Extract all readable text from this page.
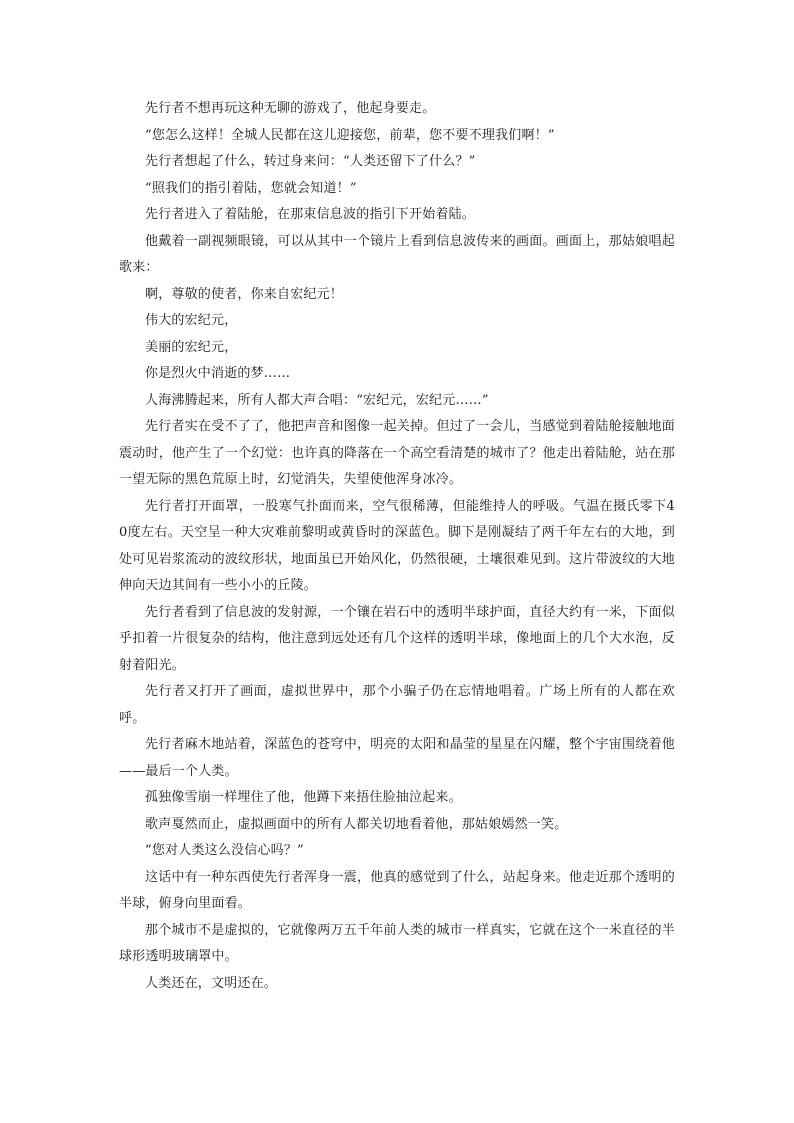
先行者不想再玩这种无聊的游戏了，他起身要走。

“您怎么这样！全城人民都在这儿迎接您，前辈，您不要不理我们啊！”

先行者想起了什么，转过身来问：“人类还留下了什么？”

“照我们的指引着陆，您就会知道！”

先行者进入了着陆舱，在那束信息波的指引下开始着陆。

他戴着一副视频眼镜，可以从其中一个镜片上看到信息波传来的画面。画面上，那姑娘唱起歌来：

啊，尊敬的使者，你来自宏纪元！

伟大的宏纪元，

美丽的宏纪元，

你是烈火中消逝的梦……

人海沸腾起来，所有人都大声合唱：“宏纪元，宏纪元……”

先行者实在受不了了，他把声音和图像一起关掉。但过了一会儿，当感觉到着陆舱接触地面震动时，他产生了一个幻觉：也许真的降落在一个高空看清楚的城市了？他走出着陆舱，站在那一望无际的黑色荒原上时，幻觉消失，失望使他浑身冰冷。

先行者打开面罩，一股寒气扑面而来，空气很稀薄，但能维持人的呼吸。气温在摄氏零下40度左右。天空呈一种大灾难前黎明或黄昏时的深蓝色。脚下是刚凝结了两千年左右的大地，到处可见岩浆流动的波纹形状，地面虽已开始风化，仍然很硬，土壤很难见到。这片带波纹的大地伸向天边其间有一些小小的丘陵。

先行者看到了信息波的发射源，一个镶在岩石中的透明半球护面，直径大约有一米，下面似乎扣着一片很复杂的结构，他注意到远处还有几个这样的透明半球，像地面上的几个大水泡，反射着阳光。

先行者又打开了画面，虚拟世界中，那个小骗子仍在忘情地唱着。广场上所有的人都在欢呼。

先行者麻木地站着，深蓝色的苍穹中，明亮的太阳和晶莹的星星在闪耀，整个宇宙围绕着他——最后一个人类。

孤独像雪崩一样埋住了他，他蹲下来捂住脸抽泣起来。

歌声戛然而止，虚拟画面中的所有人都关切地看着他，那姑娘嫣然一笑。

“您对人类这么没信心吗？”

这话中有一种东西使先行者浑身一震，他真的感觉到了什么，站起身来。他走近那个透明的半球，俯身向里面看。

那个城市不是虚拟的，它就像两万五千年前人类的城市一样真实，它就在这个一米直径的半球形透明玻璃罩中。

人类还在，文明还在。
